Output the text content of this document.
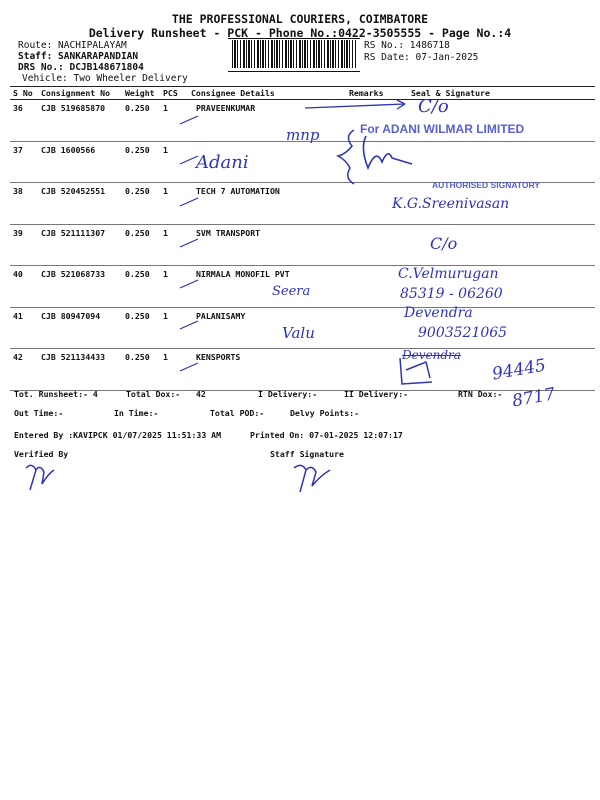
THE PROFESSIONAL COURIERS, COIMBATORE
Delivery Runsheet - PCK - Phone No.:0422-3505555 - Page No.:4
Route: NACHIPALAYAM
Staff: SANKARAPANDIAN
DRS No.: DCJB148671804
Vehicle: Two Wheeler Delivery
RS No.: 1486718
RS Date: 07-Jan-2025
S No	Consignment No	Weight	PCS	Consignee Details	Remarks	Seal & Signature
36	CJB 519685870	0.250	1	PRAVEENKUMAR		
37	CJB 1600566	0.250	1			
38	CJB 520452551	0.250	1	TECH 7 AUTOMATION		
39	CJB 521111307	0.250	1	SVM TRANSPORT		
40	CJB 521068733	0.250	1	NIRMALA MONOFIL PVT		
41	CJB 80947094	0.250	1	PALANISAMY		
42	CJB 521134433	0.250	1	KENSPORTS		
C/o
mnp
Adani
For ADANI WILMAR LIMITED
AUTHORISED SIGNATORY
K.G.Sreenivasan
C/o
C.Velmurugan
85319 - 06260
Seera
Devendra
9003521065
Valu
Devendra
94445
8717
Tot. Runsheet:- 4	Total Dox:- 42	I Delivery:-	II Delivery:-	RTN Dox:-
Out Time:-	In Time:-	Total POD:-	Delvy Points:-
Entered By :KAVIPCK 01/07/2025 11:51:33 AM	Printed On: 07-01-2025 12:07:17
Verified By	Staff Signature
